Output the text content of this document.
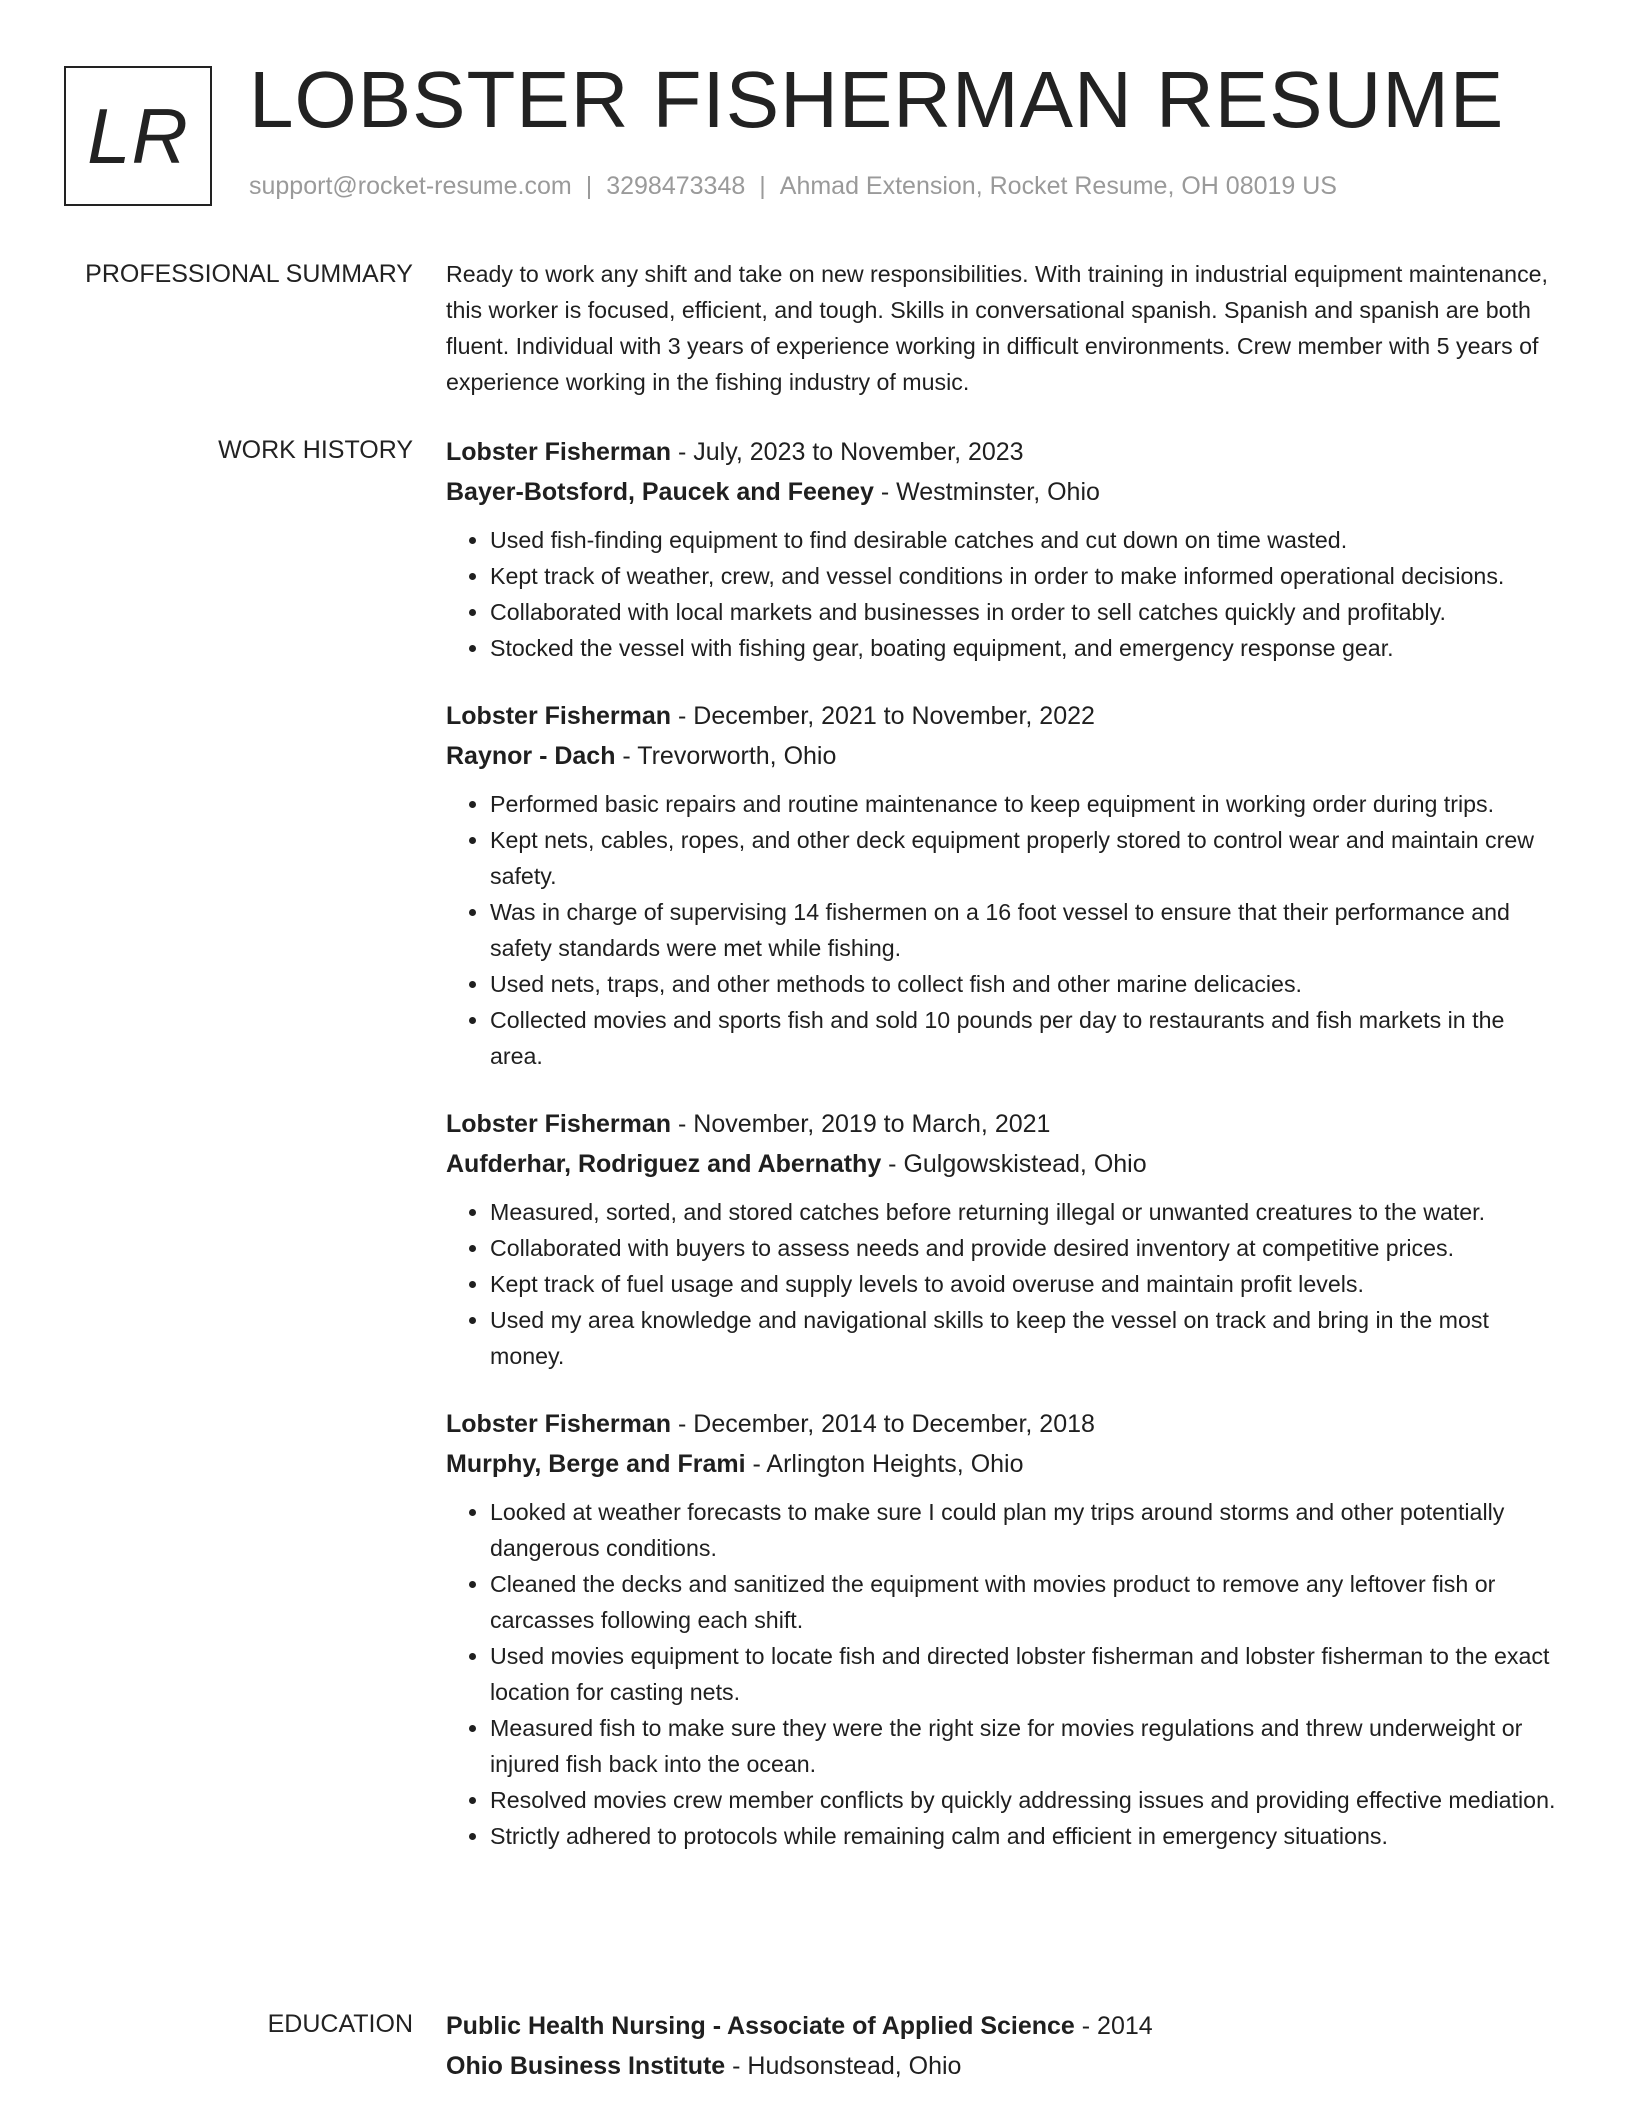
LR LOBSTER FISHERMAN RESUME
support@rocket-resume.com | 3298473348 | Ahmad Extension, Rocket Resume, OH 08019 US
PROFESSIONAL SUMMARY Ready to work any shift and take on new responsibilities. With training in industrial equipment maintenance, this worker is focused, efficient, and tough. Skills in conversational spanish. Spanish and spanish are both fluent. Individual with 3 years of experience working in difficult environments. Crew member with 5 years of experience working in the fishing industry of music.

WORK HISTORY Lobster Fisherman - July, 2023 to November, 2023
Bayer-Botsford, Paucek and Feeney - Westminster, Ohio
• Used fish-finding equipment to find desirable catches and cut down on time wasted.
• Kept track of weather, crew, and vessel conditions in order to make informed operational decisions.
• Collaborated with local markets and businesses in order to sell catches quickly and profitably.
• Stocked the vessel with fishing gear, boating equipment, and emergency response gear.
Lobster Fisherman - December, 2021 to November, 2022
Raynor - Dach - Trevorworth, Ohio
• Performed basic repairs and routine maintenance to keep equipment in working order during trips.
• Kept nets, cables, ropes, and other deck equipment properly stored to control wear and maintain crew safety.
• Was in charge of supervising 14 fishermen on a 16 foot vessel to ensure that their performance and safety standards were met while fishing.
• Used nets, traps, and other methods to collect fish and other marine delicacies.
• Collected movies and sports fish and sold 10 pounds per day to restaurants and fish markets in the area.
Lobster Fisherman - November, 2019 to March, 2021
Aufderhar, Rodriguez and Abernathy - Gulgowskistead, Ohio
• Measured, sorted, and stored catches before returning illegal or unwanted creatures to the water.
• Collaborated with buyers to assess needs and provide desired inventory at competitive prices.
• Kept track of fuel usage and supply levels to avoid overuse and maintain profit levels.
• Used my area knowledge and navigational skills to keep the vessel on track and bring in the most money.
Lobster Fisherman - December, 2014 to December, 2018
Murphy, Berge and Frami - Arlington Heights, Ohio
• Looked at weather forecasts to make sure I could plan my trips around storms and other potentially dangerous conditions.
• Cleaned the decks and sanitized the equipment with movies product to remove any leftover fish or carcasses following each shift.
• Used movies equipment to locate fish and directed lobster fisherman and lobster fisherman to the exact location for casting nets.
• Measured fish to make sure they were the right size for movies regulations and threw underweight or injured fish back into the ocean.
• Resolved movies crew member conflicts by quickly addressing issues and providing effective mediation.
• Strictly adhered to protocols while remaining calm and efficient in emergency situations.
EDUCATION Public Health Nursing - Associate of Applied Science - 2014
Ohio Business Institute - Hudsonstead, Ohio
